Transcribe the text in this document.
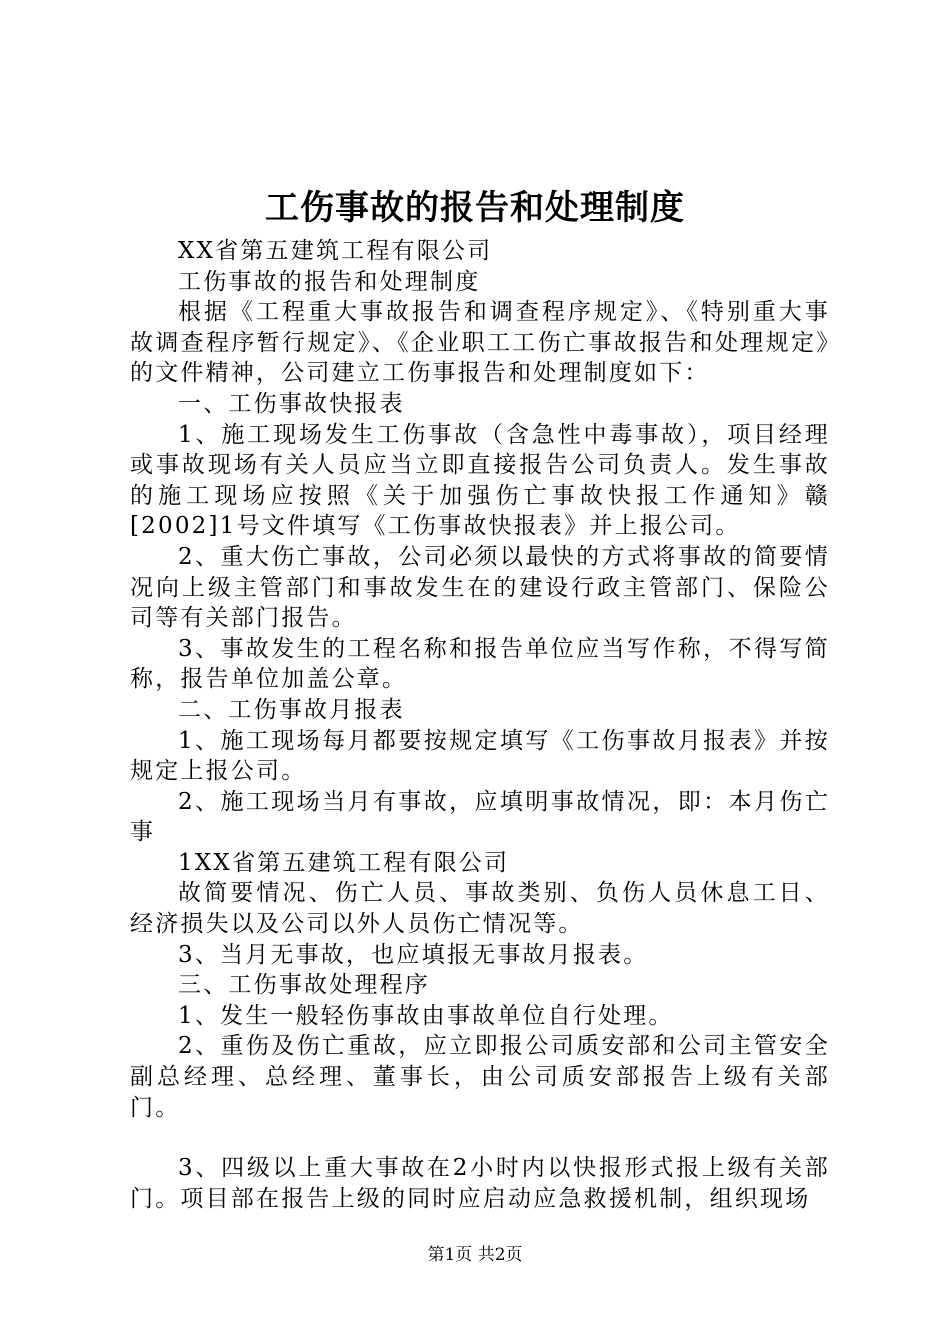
工伤事故的报告和处理制度

XX省第五建筑工程有限公司

工伤事故的报告和处理制度

根据《工程重大事故报告和调查程序规定》、《特别重大事故调查程序暂行规定》、《企业职工工伤亡事故报告和处理规定》的文件精神，公司建立工伤事报告和处理制度如下：

一、工伤事故快报表

1、施工现场发生工伤事故（含急性中毒事故），项目经理或事故现场有关人员应当立即直接报告公司负责人。发生事故的施工现场应按照《关于加强伤亡事故快报工作通知》赣[2002]1号文件填写《工伤事故快报表》并上报公司。

2、重大伤亡事故，公司必须以最快的方式将事故的简要情况向上级主管部门和事故发生在的建设行政主管部门、保险公司等有关部门报告。

3、事故发生的工程名称和报告单位应当写作称，不得写简称，报告单位加盖公章。

二、工伤事故月报表

1、施工现场每月都要按规定填写《工伤事故月报表》并按规定上报公司。

2、施工现场当月有事故，应填明事故情况，即：本月伤亡事

1XX省第五建筑工程有限公司

故简要情况、伤亡人员、事故类别、负伤人员休息工日、经济损失以及公司以外人员伤亡情况等。

3、当月无事故，也应填报无事故月报表。

三、工伤事故处理程序

1、发生一般轻伤事故由事故单位自行处理。

2、重伤及伤亡重故，应立即报公司质安部和公司主管安全副总经理、总经理、董事长，由公司质安部报告上级有关部门。

3、四级以上重大事故在2小时内以快报形式报上级有关部门。项目部在报告上级的同时应启动应急救援机制，组织现场

第1页 共2页
